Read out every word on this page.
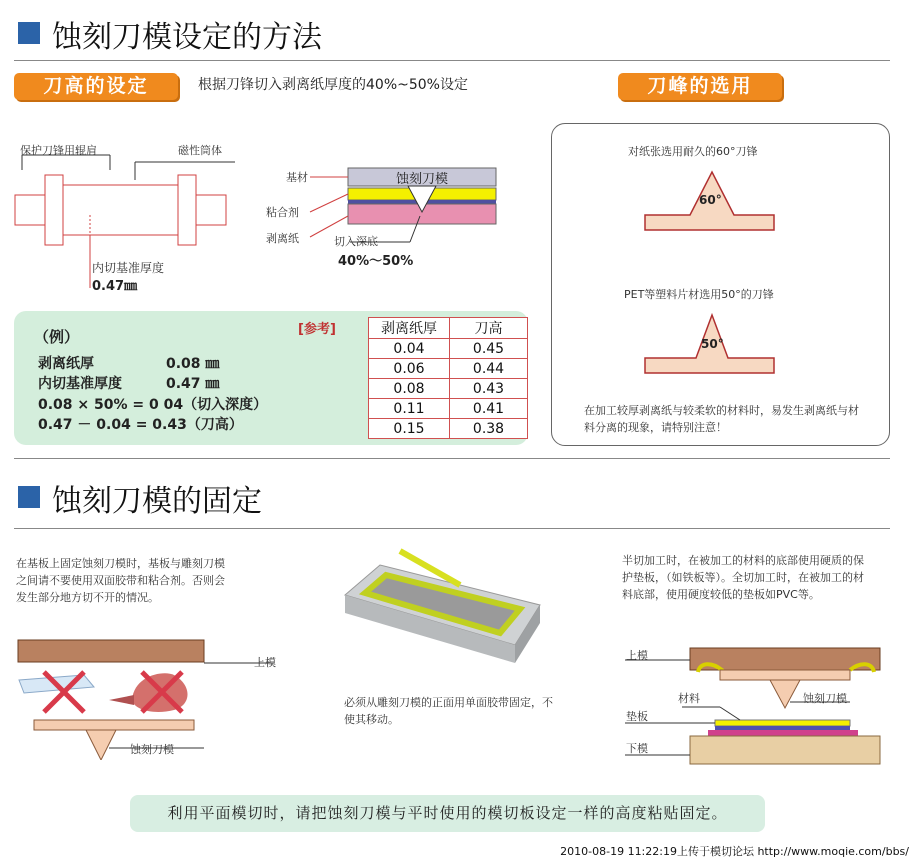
蚀刻刀模设定的方法
刀高的设定	根据刀锋切入剥离纸厚度的40%~50%设定	刀峰的选用
保护刀锋用辊肩	磁性筒体
内切基准厚度
0.47㎜
基材	蚀刻刀模
粘合剂
剥离纸	切入深底
40%～50%
（例）	[参考]
剥离纸厚	0.08 ㎜
内切基准厚度	0.47 ㎜
0.08 × 50% = 0 04（切入深度）
0.47 － 0.04 = 0.43（刀高）
剥离纸厚	刀高
0.04	0.45
0.06	0.44
0.08	0.43
0.11	0.41
0.15	0.38
对纸张选用耐久的60°刀锋
60°
PET等塑料片材选用50°的刀锋
50°
在加工较厚剥离纸与较柔软的材料时，易发生剥离纸与材料分离的现象，请特别注意！
蚀刻刀模的固定
在基板上固定蚀刻刀模时，基板与雕刻刀模之间请不要使用双面胶带和粘合剂。否则会发生部分地方切不开的情况。
上模
蚀刻刀模
必须从雕刻刀模的正面用单面胶带固定，不使其移动。
半切加工时，在被加工的材料的底部使用硬质的保护垫板，（如铁板等）。全切加工时，在被加工的材料底部，使用硬度较低的垫板如PVC等。
上模
材料	蚀刻刀模
垫板
下模
利用平面模切时，请把蚀刻刀模与平时使用的模切板设定一样的高度粘贴固定。
2010-08-19 11:22:19上传于模切论坛 http://www.moqie.com/bbs/
